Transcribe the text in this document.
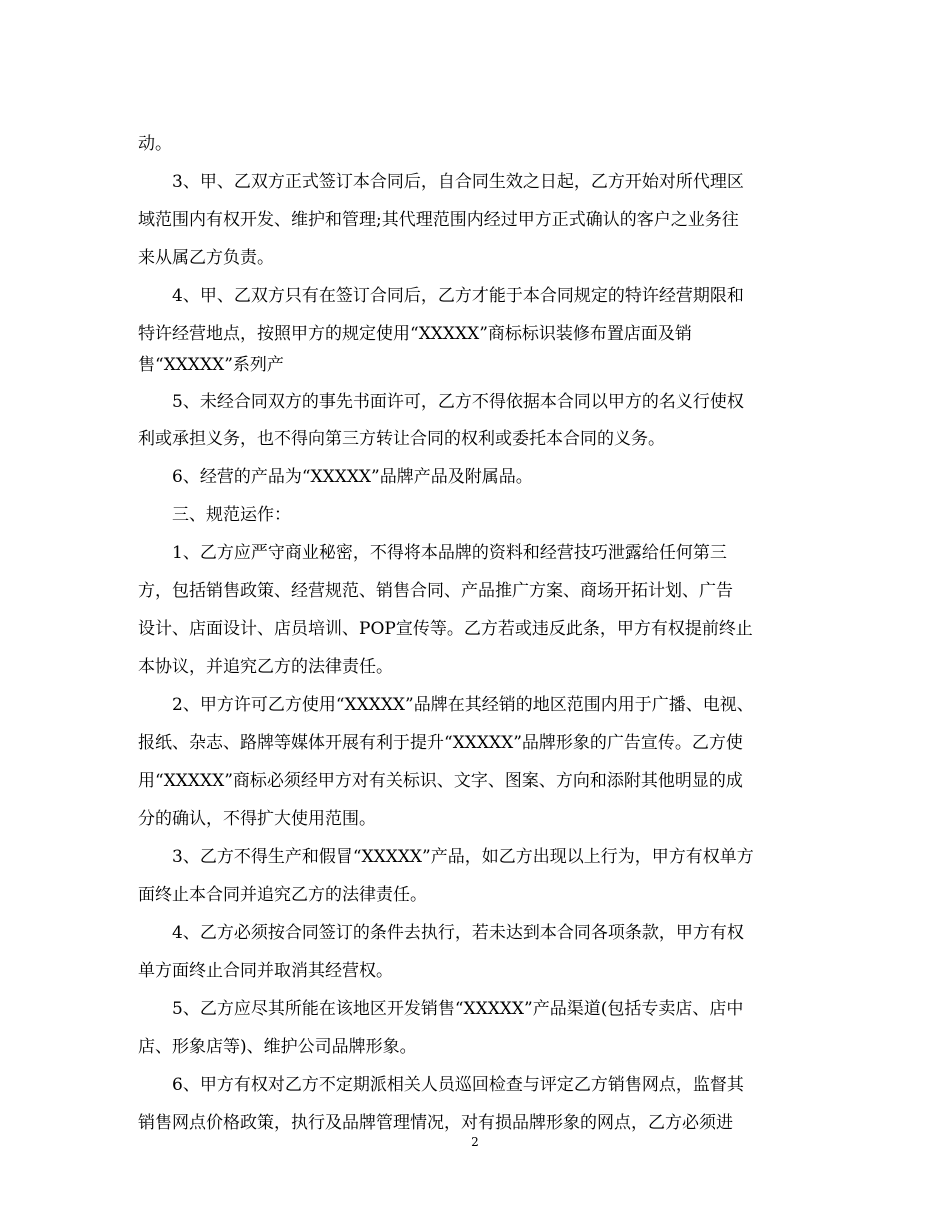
动。
3、甲、乙双方正式签订本合同后，自合同生效之日起，乙方开始对所代理区
域范围内有权开发、维护和管理;其代理范围内经过甲方正式确认的客户之业务往
来从属乙方负责。
4、甲、乙双方只有在签订合同后，乙方才能于本合同规定的特许经营期限和
特许经营地点，按照甲方的规定使用“XXXXX”商标标识装修布置店面及销
售“XXXXX”系列产
5、未经合同双方的事先书面许可，乙方不得依据本合同以甲方的名义行使权
利或承担义务，也不得向第三方转让合同的权利或委托本合同的义务。
6、经营的产品为“XXXXX”品牌产品及附属品。
三、规范运作：
1、乙方应严守商业秘密，不得将本品牌的资料和经营技巧泄露给任何第三
方，包括销售政策、经营规范、销售合同、产品推广方案、商场开拓计划、广告
设计、店面设计、店员培训、POP宣传等。乙方若或违反此条，甲方有权提前终止
本协议，并追究乙方的法律责任。
2、甲方许可乙方使用“XXXXX”品牌在其经销的地区范围内用于广播、电视、
报纸、杂志、路牌等媒体开展有利于提升“XXXXX”品牌形象的广告宣传。乙方使
用“XXXXX”商标必须经甲方对有关标识、文字、图案、方向和添附其他明显的成
分的确认，不得扩大使用范围。
3、乙方不得生产和假冒“XXXXX”产品，如乙方出现以上行为，甲方有权单方
面终止本合同并追究乙方的法律责任。
4、乙方必须按合同签订的条件去执行，若未达到本合同各项条款，甲方有权
单方面终止合同并取消其经营权。
5、乙方应尽其所能在该地区开发销售“XXXXX”产品渠道(包括专卖店、店中
店、形象店等)、维护公司品牌形象。
6、甲方有权对乙方不定期派相关人员巡回检查与评定乙方销售网点，监督其
销售网点价格政策，执行及品牌管理情况，对有损品牌形象的网点，乙方必须进
2
